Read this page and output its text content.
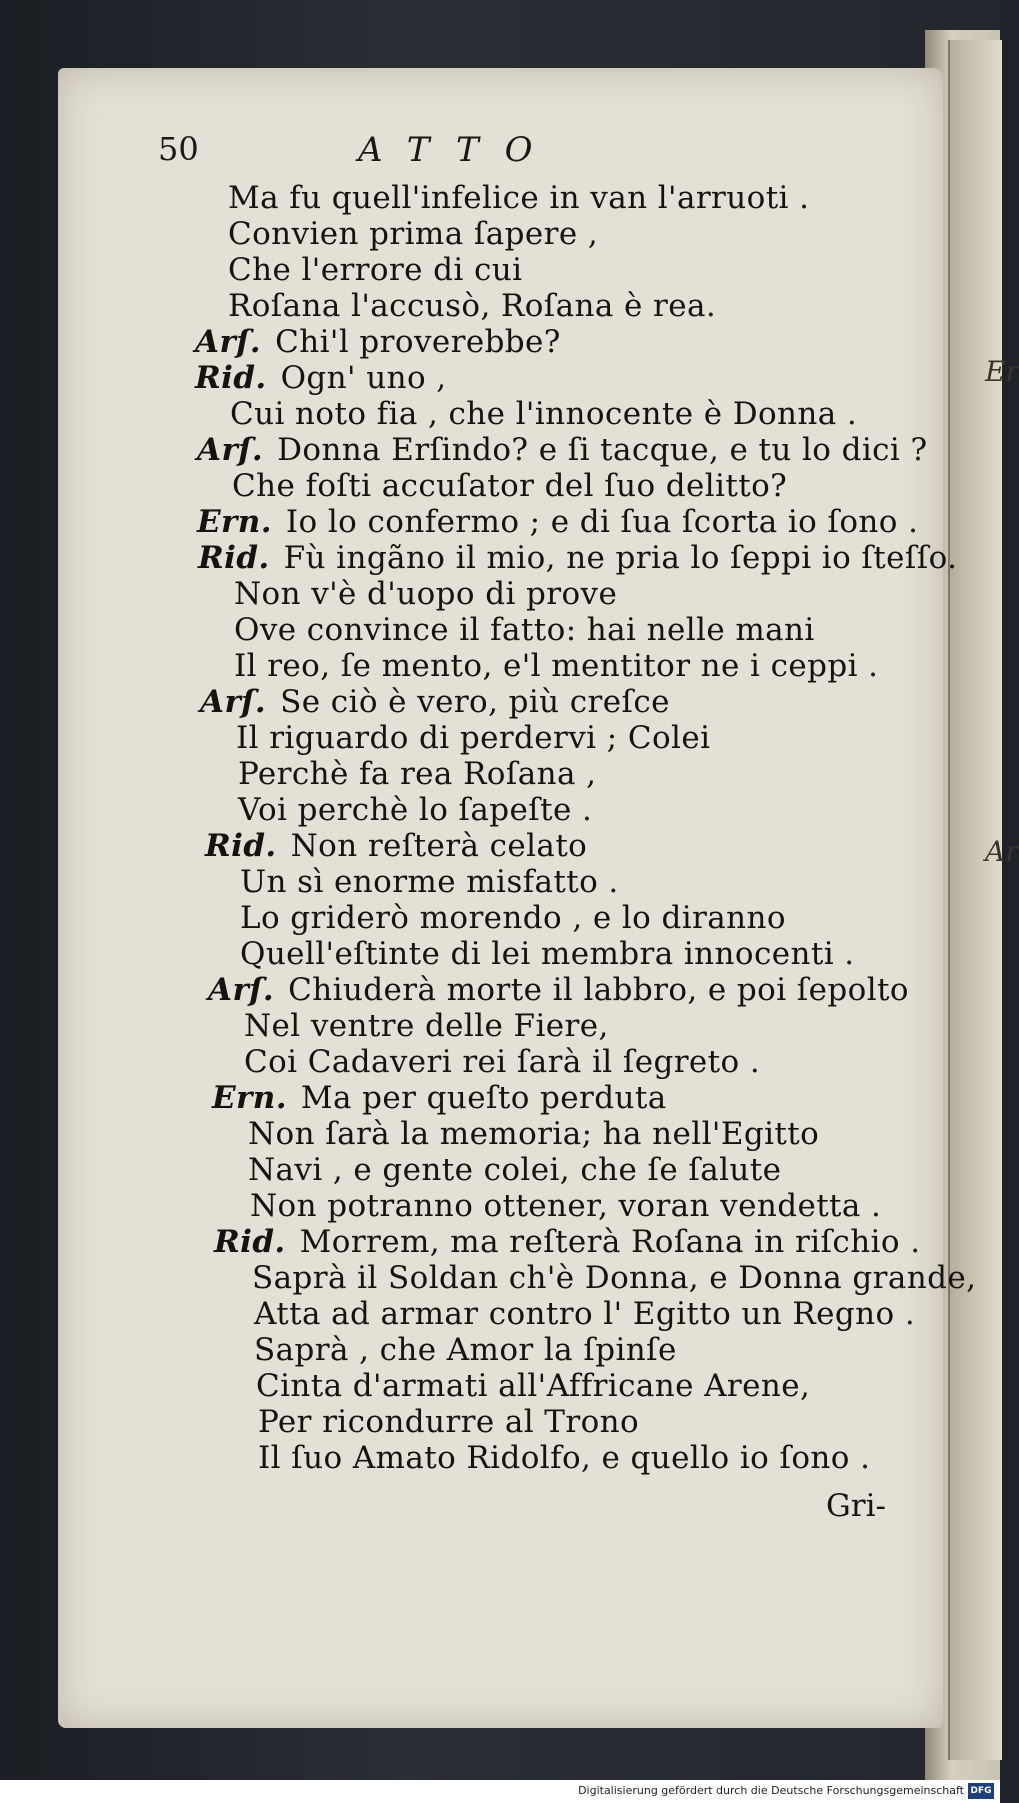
Er
Ar
50	ATTO
Ma fu quell'infelice in van l'arruoti .
Convien prima ſapere ,
Che l'errore di cui
Roſana l'accusò, Roſana è rea.
Arſ. Chi'l proverebbe?
Rid. Ogn' uno ,
Cui noto fia , che l'innocente è Donna .
Arſ. Donna Erſindo? e ſi tacque, e tu lo dici ?
Che foſti accuſator del ſuo delitto?
Ern. Io lo confermo ; e di ſua ſcorta io ſono .
Rid. Fù ingãno il mio, ne pria lo ſeppi io ſteſſo.
Non v'è d'uopo di prove
Ove convince il fatto: hai nelle mani
Il reo, ſe mento, e'l mentitor ne i ceppi .
Arſ. Se ciò è vero, più creſce
Il riguardo di perdervi ; Colei
Perchè fa rea Roſana ,
Voi perchè lo ſapeſte .
Rid. Non reſterà celato
Un sì enorme misfatto .
Lo griderò morendo , e lo diranno
Quell'eſtinte di lei membra innocenti .
Arſ. Chiuderà morte il labbro, e poi ſepolto
Nel ventre delle Fiere,
Coi Cadaveri rei ſarà il ſegreto .
Ern. Ma per queſto perduta
Non ſarà la memoria; ha nell'Egitto
Navi , e gente colei, che ſe ſalute
Non potranno ottener, voran vendetta .
Rid. Morrem, ma reſterà Roſana in riſchio .
Saprà il Soldan ch'è Donna, e Donna grande,
Atta ad armar contro l' Egitto un Regno .
Saprà , che Amor la ſpinſe
Cinta d'armati all'Affricane Arene,
Per ricondurre al Trono
Il ſuo Amato Ridolfo, e quello io ſono .
Gri-
Digitalisierung gefördert durch die Deutsche Forschungsgemeinschaft DFG
